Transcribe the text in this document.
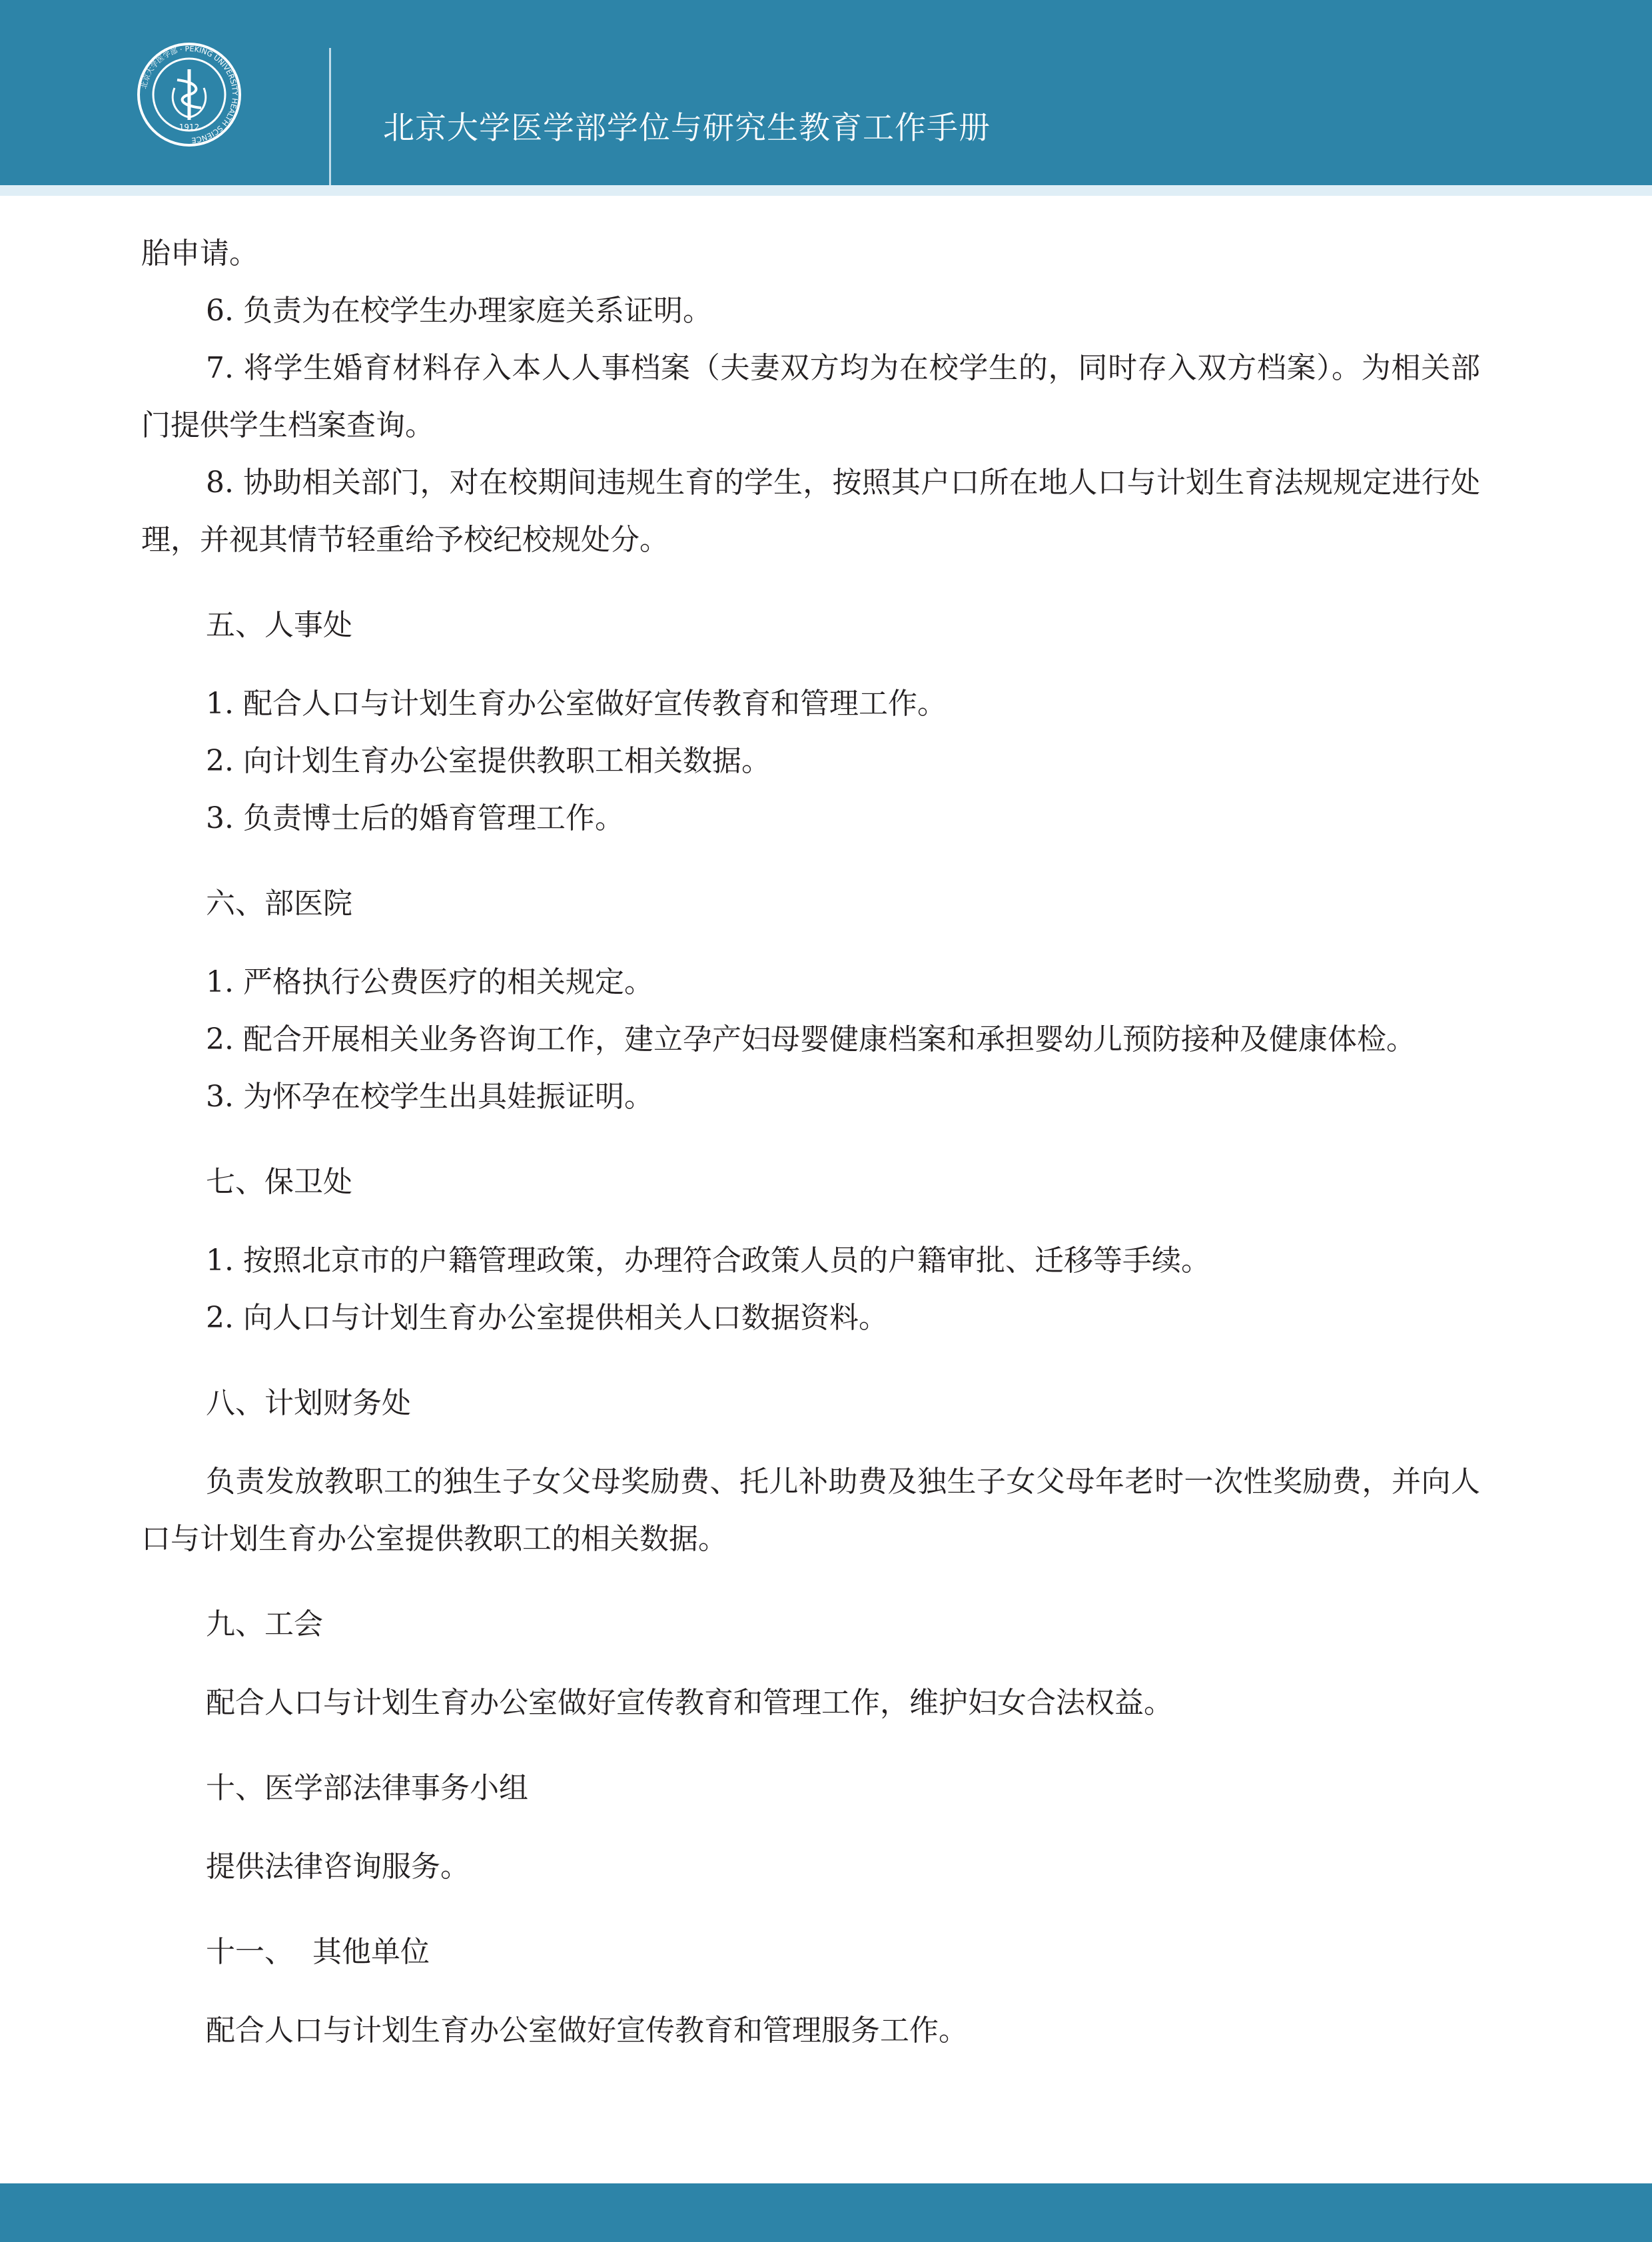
北京大学医学部 · PEKING UNIVERSITY HEALTH SCIENCE
1912	北京大学医学部学位与研究生教育工作手册

胎申请。

6. 负责为在校学生办理家庭关系证明。

7. 将学生婚育材料存入本人人事档案（夫妻双方均为在校学生的，同时存入双方档案）。为相关部门提供学生档案查询。

8. 协助相关部门，对在校期间违规生育的学生，按照其户口所在地人口与计划生育法规规定进行处理，并视其情节轻重给予校纪校规处分。

五、人事处

1. 配合人口与计划生育办公室做好宣传教育和管理工作。

2. 向计划生育办公室提供教职工相关数据。

3. 负责博士后的婚育管理工作。

六、部医院

1. 严格执行公费医疗的相关规定。

2. 配合开展相关业务咨询工作，建立孕产妇母婴健康档案和承担婴幼儿预防接种及健康体检。

3. 为怀孕在校学生出具娃振证明。

七、保卫处

1. 按照北京市的户籍管理政策，办理符合政策人员的户籍审批、迁移等手续。

2. 向人口与计划生育办公室提供相关人口数据资料。

八、计划财务处

负责发放教职工的独生子女父母奖励费、托儿补助费及独生子女父母年老时一次性奖励费，并向人口与计划生育办公室提供教职工的相关数据。

九、工会

配合人口与计划生育办公室做好宣传教育和管理工作，维护妇女合法权益。

十、医学部法律事务小组

提供法律咨询服务。

十一、  其他单位

配合人口与计划生育办公室做好宣传教育和管理服务工作。
